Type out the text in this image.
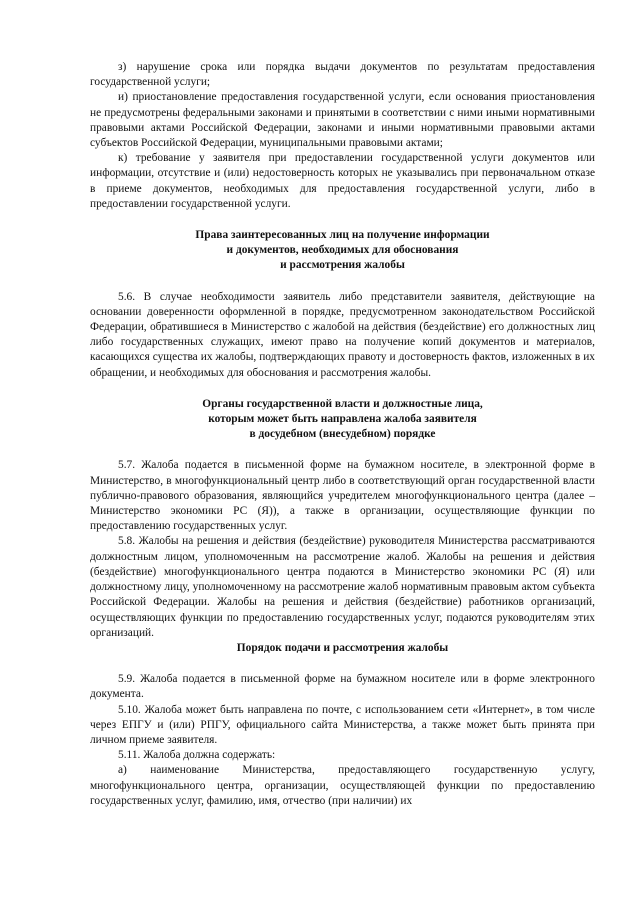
з) нарушение срока или порядка выдачи документов по результатам предоставления государственной услуги;

и) приостановление предоставления государственной услуги, если основания приостановления не предусмотрены федеральными законами и принятыми в соответствии с ними иными нормативными правовыми актами Российской Федерации, законами и иными нормативными правовыми актами субъектов Российской Федерации, муниципальными правовыми актами;

к) требование у заявителя при предоставлении государственной услуги документов или информации, отсутствие и (или) недостоверность которых не указывались при первоначальном отказе в приеме документов, необходимых для предоставления государственной услуги, либо в предоставлении государственной услуги.

Права заинтересованных лиц на получение информации

и документов, необходимых для обоснования

и рассмотрения жалобы

5.6. В случае необходимости заявитель либо представители заявителя, действующие на основании доверенности оформленной в порядке, предусмотренном законодательством Российской Федерации, обратившиеся в Министерство с жалобой на действия (бездействие) его должностных лиц либо государственных служащих, имеют право на получение копий документов и материалов, касающихся существа их жалобы, подтверждающих правоту и достоверность фактов, изложенных в их обращении, и необходимых для обоснования и рассмотрения жалобы.

Органы государственной власти и должностные лица,

которым может быть направлена жалоба заявителя

в досудебном (внесудебном) порядке

5.7. Жалоба подается в письменной форме на бумажном носителе, в электронной форме в Министерство, в многофункциональный центр либо в соответствующий орган государственной власти публично-правового образования, являющийся учредителем многофункционального центра (далее –Министерство экономики РС (Я)), а также в организации, осуществляющие функции по предоставлению государственных услуг.

5.8. Жалобы на решения и действия (бездействие) руководителя Министерства рассматриваются должностным лицом, уполномоченным на рассмотрение жалоб. Жалобы на решения и действия (бездействие) многофункционального центра подаются в Министерство экономики РС (Я) или должностному лицу, уполномоченному на рассмотрение жалоб нормативным правовым актом субъекта Российской Федерации. Жалобы на решения и действия (бездействие) работников организаций, осуществляющих функции по предоставлению государственных услуг, подаются руководителям этих организаций.

Порядок подачи и рассмотрения жалобы

5.9. Жалоба подается в письменной форме на бумажном носителе или в форме электронного документа.

5.10. Жалоба может быть направлена по почте, с использованием сети «Интернет», в том числе через ЕПГУ и (или) РПГУ, официального сайта Министерства, а также может быть принята при личном приеме заявителя.

5.11. Жалоба должна содержать:

а) наименование Министерства, предоставляющего государственную услугу, многофункционального центра, организации, осуществляющей функции по предоставлению государственных услуг, фамилию, имя, отчество (при наличии) их
